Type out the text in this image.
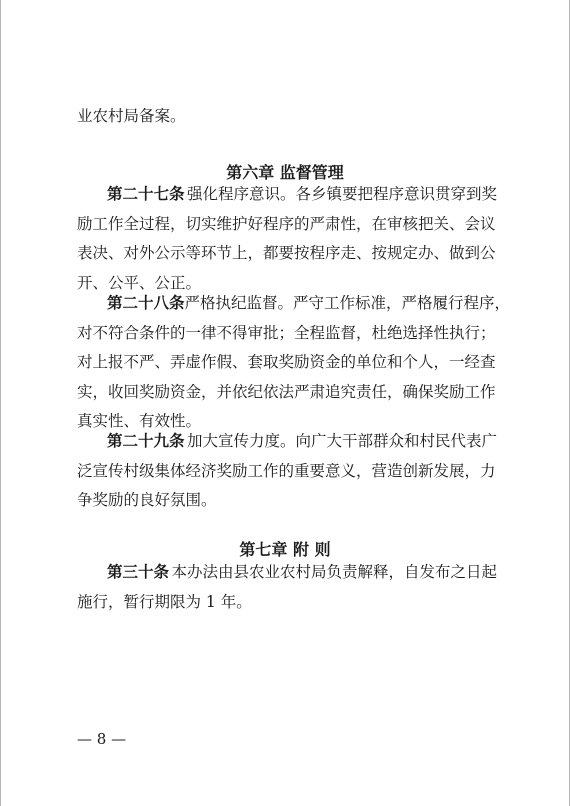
业农村局备案。
第六章 监督管理
第二十七条 强化程序意识。各乡镇要把程序意识贯穿到奖
励工作全过程，切实维护好程序的严肃性，在审核把关、会议
表决、对外公示等环节上，都要按程序走、按规定办、做到公
开、公平、公正。
第二十八条 严格执纪监督。严守工作标准，严格履行程序，
对不符合条件的一律不得审批；全程监督，杜绝选择性执行；
对上报不严、弄虚作假、套取奖励资金的单位和个人，一经查
实，收回奖励资金，并依纪依法严肃追究责任，确保奖励工作
真实性、有效性。
第二十九条 加大宣传力度。向广大干部群众和村民代表广
泛宣传村级集体经济奖励工作的重要意义，营造创新发展，力
争奖励的良好氛围。
第七章 附 则
第三十条 本办法由县农业农村局负责解释，自发布之日起
施行，暂行期限为 1 年。
— 8 —
